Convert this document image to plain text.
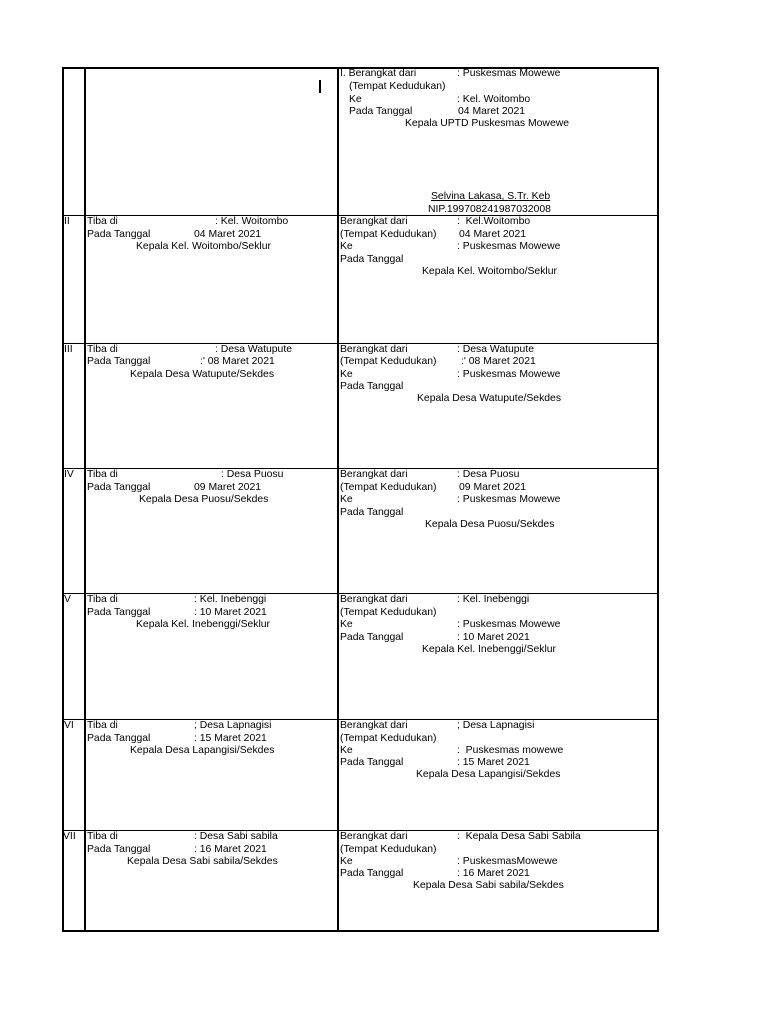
I. Berangkat dari	: Puskesmas Mowewe
(Tempat Kedudukan)
Ke	: Kel. Woitombo
Pada Tanggal	04 Maret 2021
Kepala UPTD Puskesmas Mowewe
Selvina Lakasa, S.Tr. Keb
NIP.199708241987032008
II Tiba di	: Kel. Woitombo
Pada Tanggal	04 Maret 2021
Kepala Kel. Woitombo/Seklur
Berangkat dari	:  Kel.Woitombo
(Tempat Kedudukan) 04 Maret 2021
Ke	: Puskesmas Mowewe
Pada Tanggal
Kepala Kel. Woitombo/Seklur
III Tiba di	: Desa Watupute
Pada Tanggal	:' 08 Maret 2021
Kepala Desa Watupute/Sekdes
Berangkat dari	: Desa Watupute
(Tempat Kedudukan) :' 08 Maret 2021
Ke	: Puskesmas Mowewe
Pada Tanggal
Kepala Desa Watupute/Sekdes
IV Tiba di	: Desa Puosu
Pada Tanggal	09 Maret 2021
Kepala Desa Puosu/Sekdes
Berangkat dari	: Desa Puosu
(Tempat Kedudukan) 09 Maret 2021
Ke	: Puskesmas Mowewe
Pada Tanggal
Kepala Desa Puosu/Sekdes
V Tiba di	: Kel. Inebenggi
Pada Tanggal	: 10 Maret 2021
Kepala Kel. Inebenggi/Seklur
Berangkat dari	: Kel. Inebenggi
(Tempat Kedudukan)
Ke	: Puskesmas Mowewe
Pada Tanggal	: 10 Maret 2021
Kepala Kel. Inebenggi/Seklur
VI Tiba di	; Desa Lapnagisi
Pada Tanggal	: 15 Maret 2021
Kepala Desa Lapangisi/Sekdes
Berangkat dari	; Desa Lapnagisi
(Tempat Kedudukan)
Ke	:  Puskesmas mowewe
Pada Tanggal	: 15 Maret 2021
Kepala Desa Lapangisi/Sekdes
VII Tiba di	: Desa Sabi sabila
Pada Tanggal	: 16 Maret 2021
Kepala Desa Sabi sabila/Sekdes
Berangkat dari	:  Kepala Desa Sabi Sabila
(Tempat Kedudukan)
Ke	: PuskesmasMowewe
Pada Tanggal	: 16 Maret 2021
Kepala Desa Sabi sabila/Sekdes
